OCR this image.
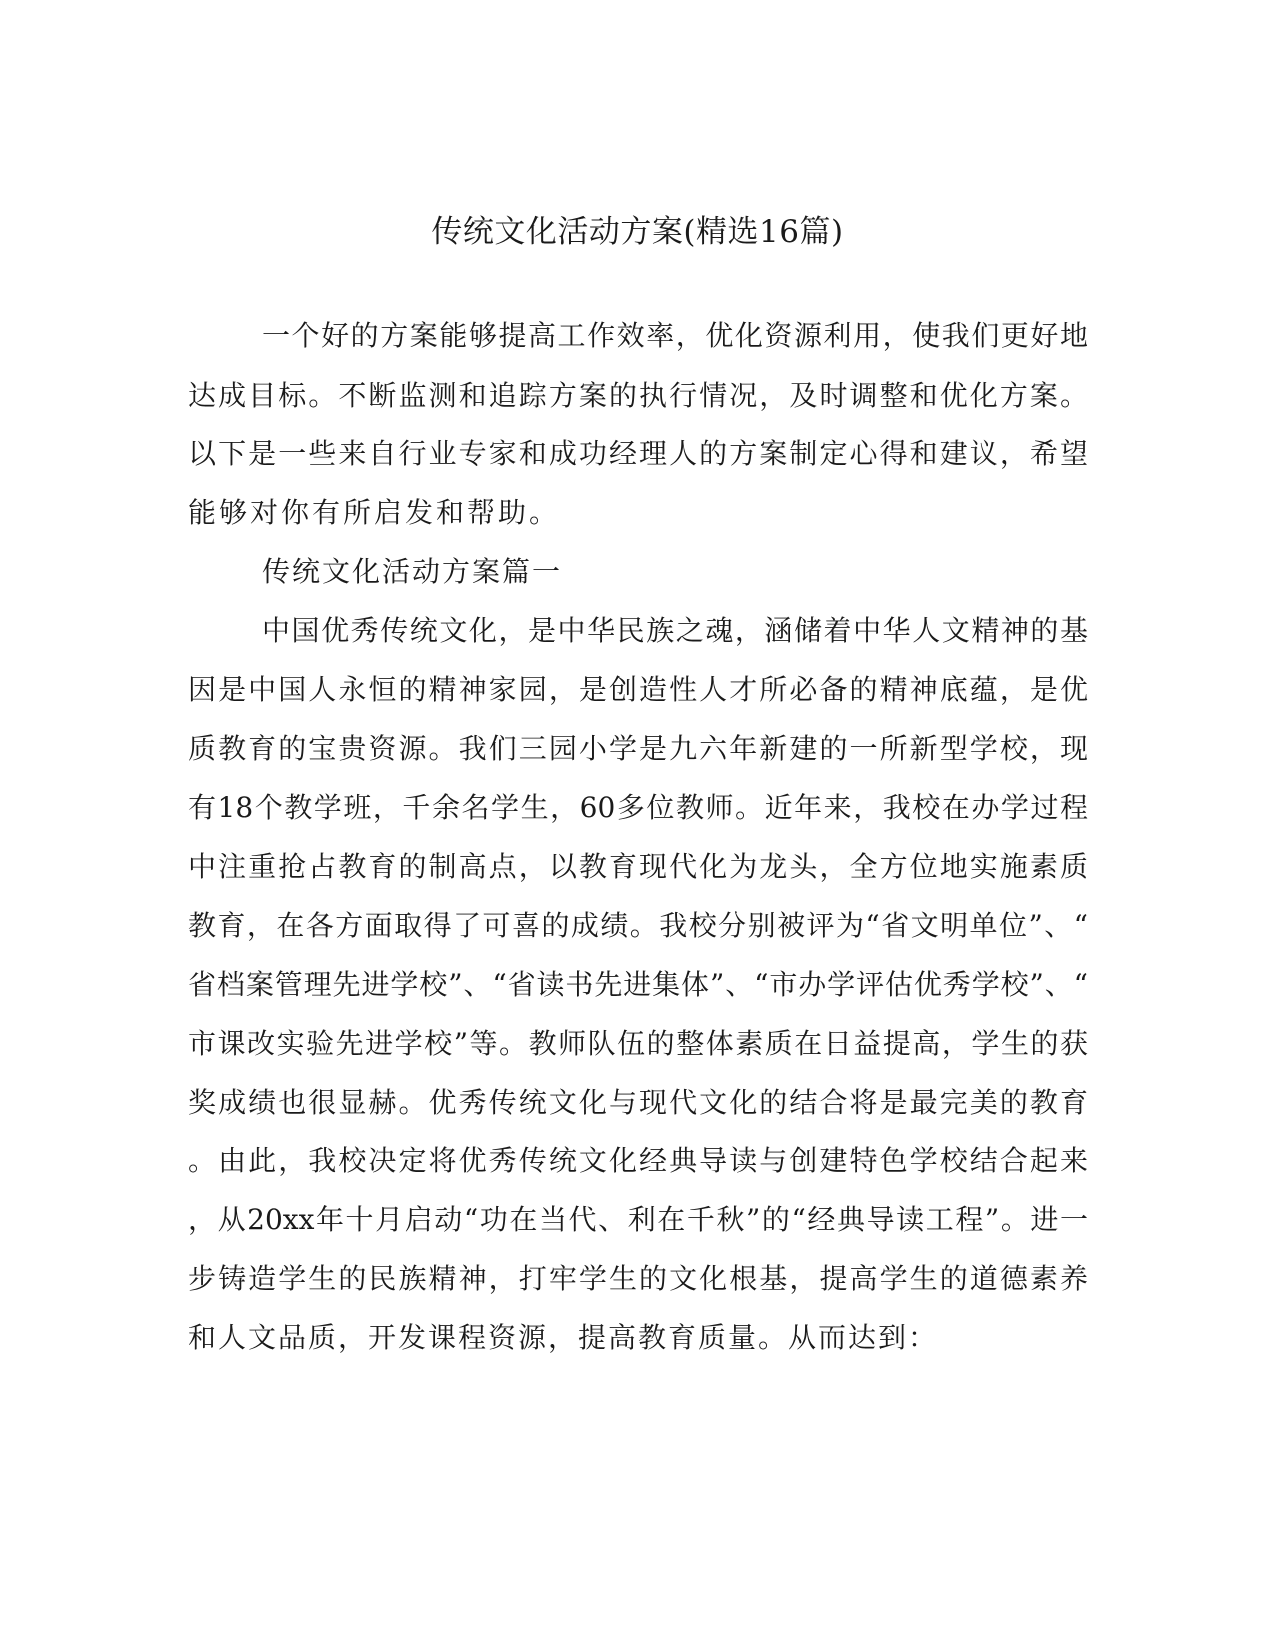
传统文化活动方案(精选16篇)

一个好的方案能够提高工作效率，优化资源利用，使我们更好地

达成目标。不断监测和追踪方案的执行情况，及时调整和优化方案。

以下是一些来自行业专家和成功经理人的方案制定心得和建议，希望

能够对你有所启发和帮助。

传统文化活动方案篇一

中国优秀传统文化，是中华民族之魂，涵储着中华人文精神的基

因是中国人永恒的精神家园，是创造性人才所必备的精神底蕴，是优

质教育的宝贵资源。我们三园小学是九六年新建的一所新型学校，现

有18个教学班，千余名学生，60多位教师。近年来，我校在办学过程

中注重抢占教育的制高点，以教育现代化为龙头，全方位地实施素质

教育，在各方面取得了可喜的成绩。我校分别被评为“省文明单位”、“

省档案管理先进学校”、“省读书先进集体”、“市办学评估优秀学校”、“

市课改实验先进学校”等。教师队伍的整体素质在日益提高，学生的获

奖成绩也很显赫。优秀传统文化与现代文化的结合将是最完美的教育

。由此，我校决定将优秀传统文化经典导读与创建特色学校结合起来

，从20xx年十月启动“功在当代、利在千秋”的“经典导读工程”。进一

步铸造学生的民族精神，打牢学生的文化根基，提高学生的道德素养

和人文品质，开发课程资源，提高教育质量。从而达到：
